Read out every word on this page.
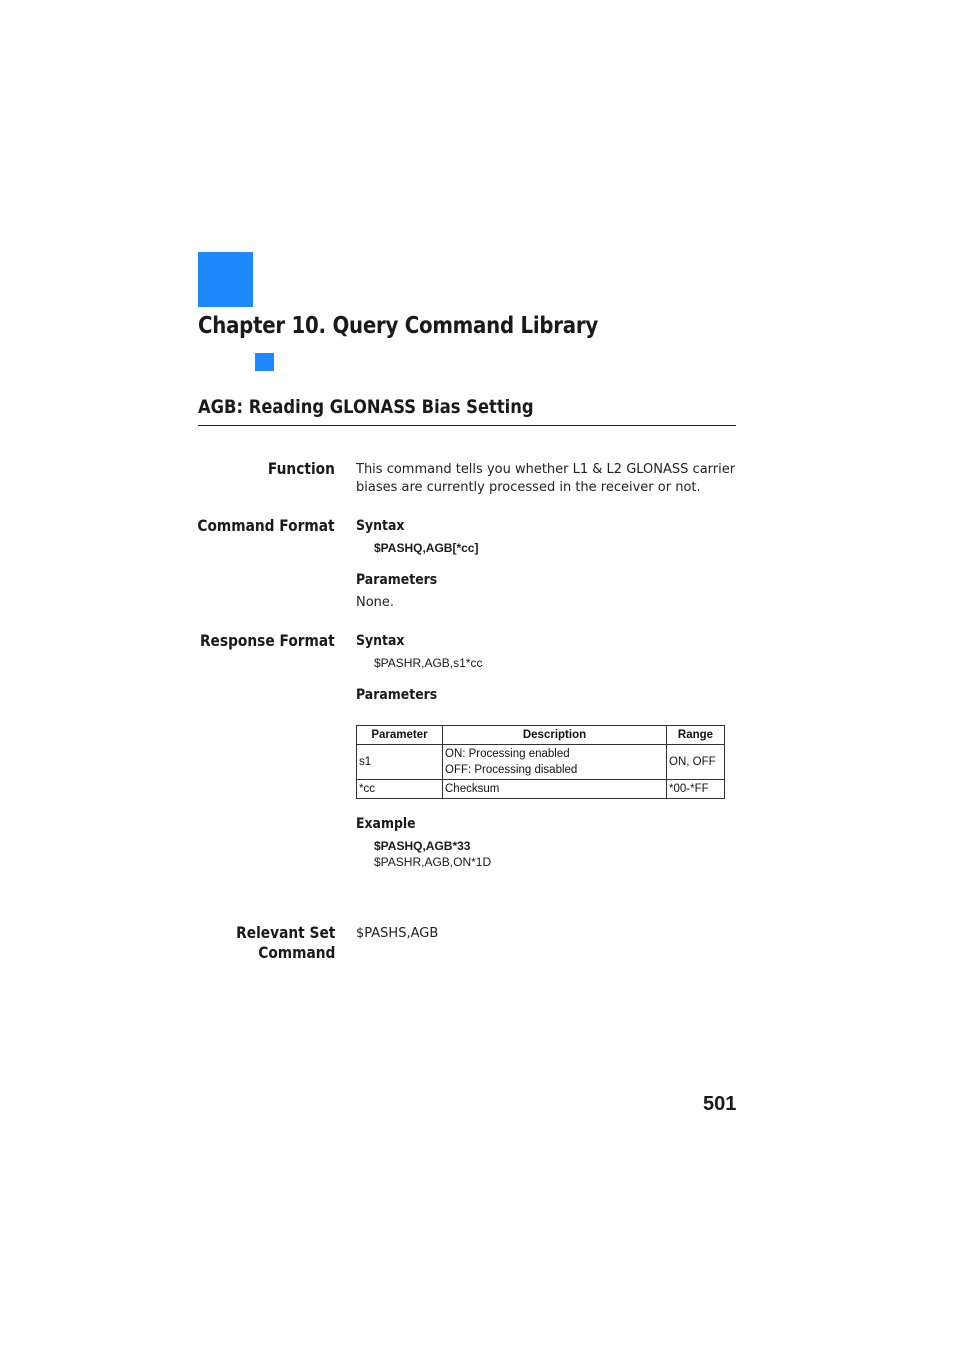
Chapter 10. Query Command Library
AGB: Reading GLONASS Bias Setting

Function This command tells you whether L1 & L2 GLONASS carrier
biases are currently processed in the receiver or not.

Command Format Syntax

$PASHQ,AGB[*cc]

Parameters

None.

Response Format Syntax

$PASHR,AGB,s1*cc

Parameters

Parameter	Description	Range
s1	ON: Processing enabled
OFF: Processing disabled	ON, OFF
*cc	Checksum	*00-*FF

Example

$PASHQ,AGB*33

$PASHR,AGB,ON*1D

Relevant Set
Command

$PASHS,AGB

501
